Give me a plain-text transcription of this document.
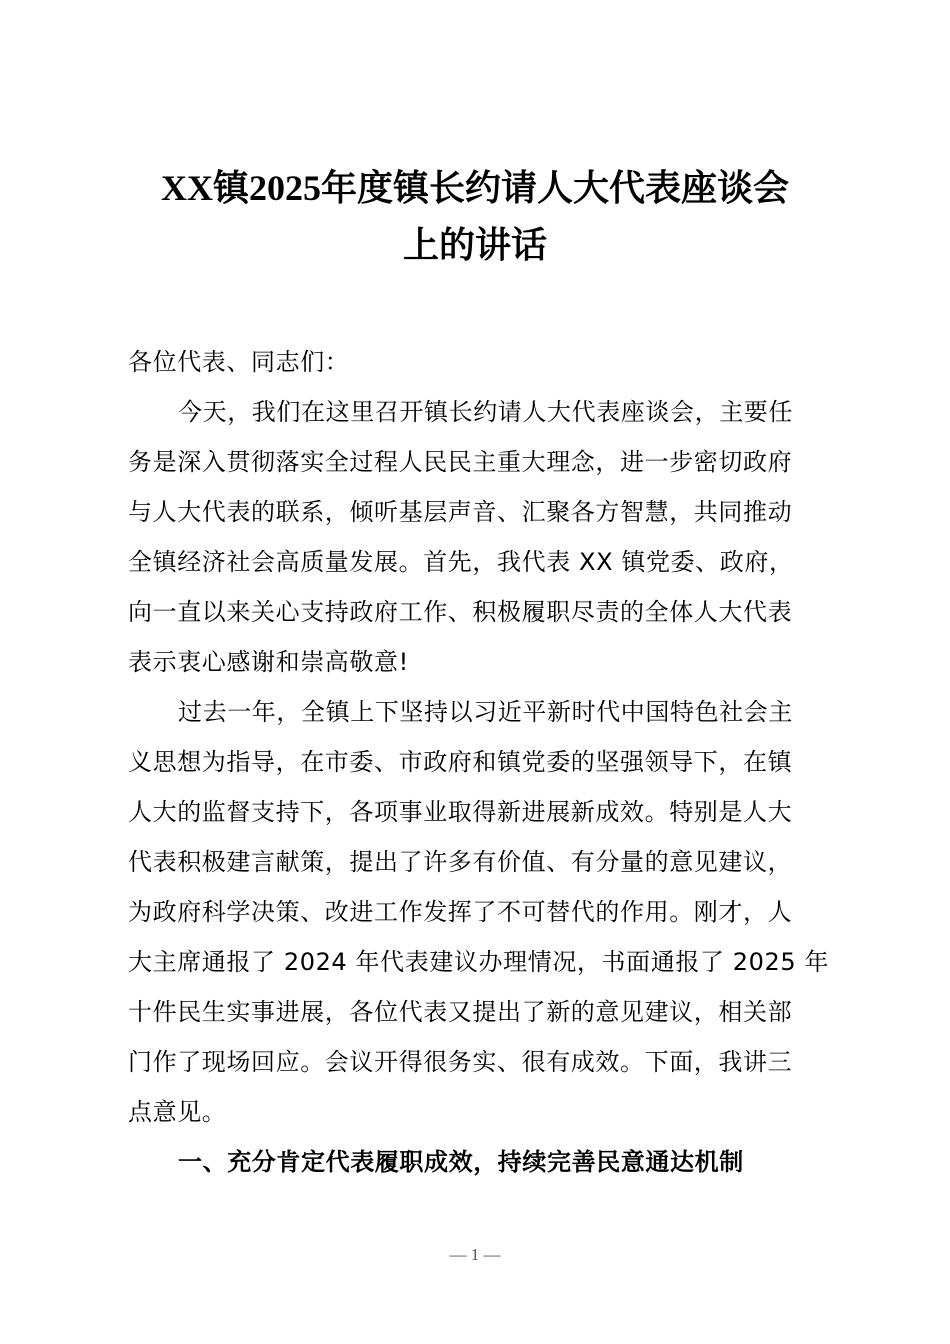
XX镇2025年度镇长约请人大代表座谈会
上的讲话
各位代表、同志们：
今天，我们在这里召开镇长约请人大代表座谈会，主要任
务是深入贯彻落实全过程人民民主重大理念，进一步密切政府
与人大代表的联系，倾听基层声音、汇聚各方智慧，共同推动
全镇经济社会高质量发展。首先，我代表 XX 镇党委、政府，
向一直以来关心支持政府工作、积极履职尽责的全体人大代表
表示衷心感谢和崇高敬意!
过去一年，全镇上下坚持以习近平新时代中国特色社会主
义思想为指导，在市委、市政府和镇党委的坚强领导下，在镇
人大的监督支持下，各项事业取得新进展新成效。特别是人大
代表积极建言献策，提出了许多有价值、有分量的意见建议，
为政府科学决策、改进工作发挥了不可替代的作用。刚才，人
大主席通报了 2024 年代表建议办理情况，书面通报了 2025 年
十件民生实事进展，各位代表又提出了新的意见建议，相关部
门作了现场回应。会议开得很务实、很有成效。下面，我讲三
点意见。
一、充分肯定代表履职成效，持续完善民意通达机制
— 1 —
